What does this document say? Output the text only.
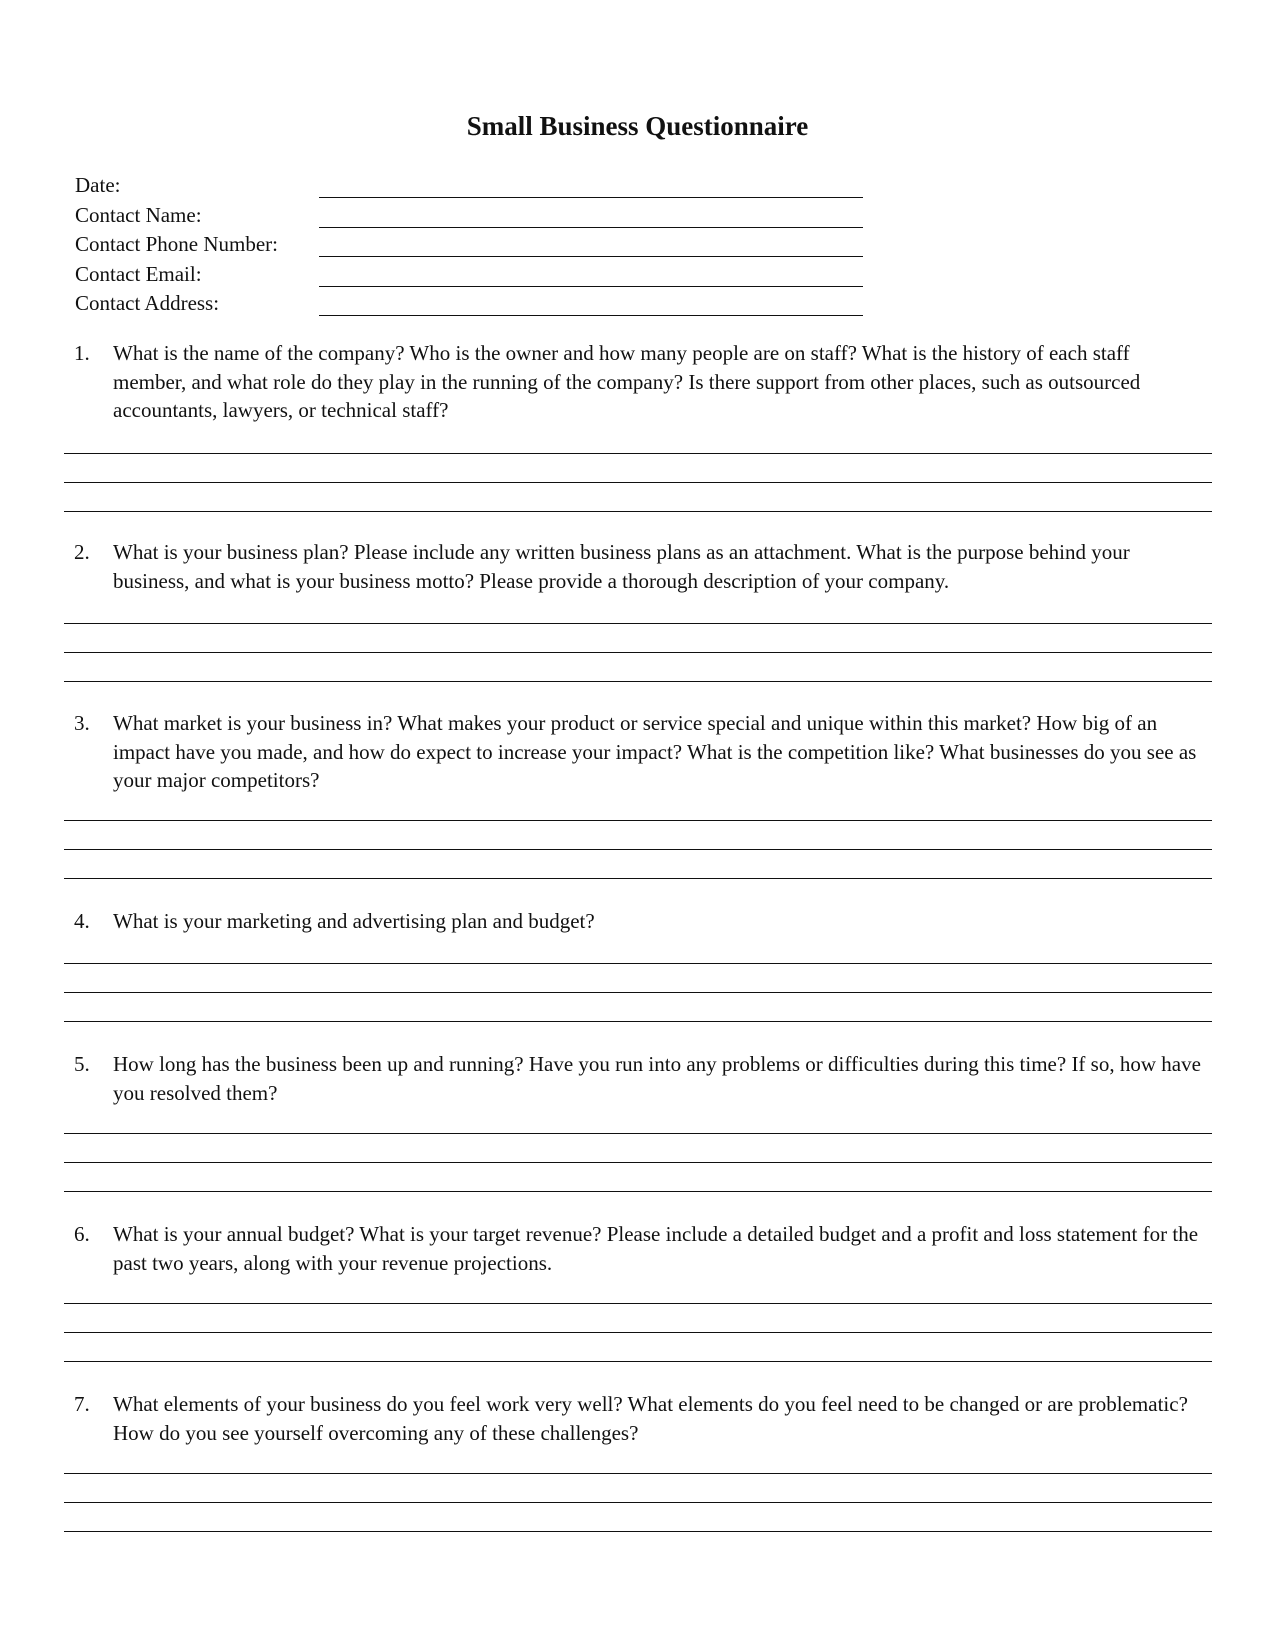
Small Business Questionnaire
Date:
Contact Name:
Contact Phone Number:
Contact Email:
Contact Address:
1. What is the name of the company? Who is the owner and how many people are on staff? What is the history of each staff member, and what role do they play in the running of the company? Is there support from other places, such as outsourced accountants, lawyers, or technical staff?
2. What is your business plan? Please include any written business plans as an attachment. What is the purpose behind your business, and what is your business motto? Please provide a thorough description of your company.
3. What market is your business in? What makes your product or service special and unique within this market? How big of an impact have you made, and how do expect to increase your impact? What is the competition like? What businesses do you see as your major competitors?
4. What is your marketing and advertising plan and budget?
5. How long has the business been up and running? Have you run into any problems or difficulties during this time? If so, how have you resolved them?
6. What is your annual budget? What is your target revenue? Please include a detailed budget and a profit and loss statement for the past two years, along with your revenue projections.
7. What elements of your business do you feel work very well? What elements do you feel need to be changed or are problematic? How do you see yourself overcoming any of these challenges?
